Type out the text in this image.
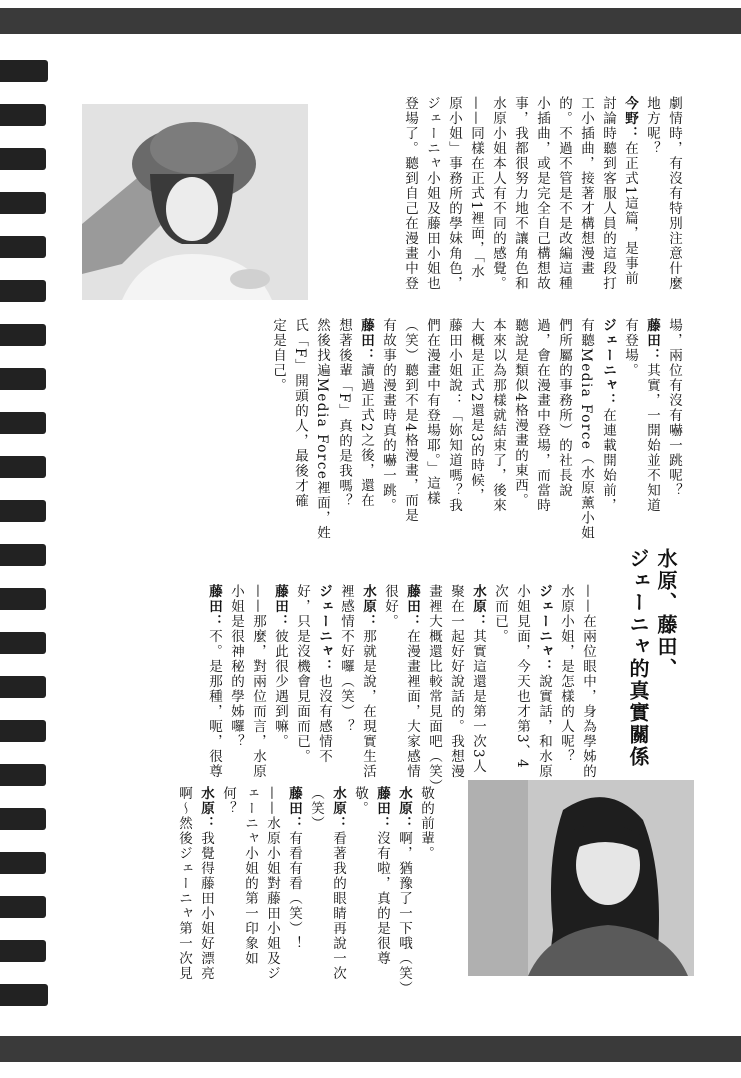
劇情時，有沒有特別注意什麼
地方呢？
今野：在正式1這篇，是事前
討論時聽到客服人員的這段打
工小插曲，接著才構想漫畫
的。不過不管是不是改編這種
小插曲，或是完全自己構想故
事，我都很努力地不讓角色和
水原小姐本人有不同的感覺。
——同樣在正式1裡面，「水
原小姐」事務所的學妹角色，
ジェーニャ小姐及藤田小姐也
登場了。聽到自己在漫畫中登
場，兩位有沒有嚇一跳呢？
藤田：其實，一開始並不知道
有登場。
ジェーニャ：在連載開始前，
有聽Media Force（水原薰小姐
們所屬的事務所）的社長說
過，會在漫畫中登場，而當時
聽說是類似4格漫畫的東西。
本來以為那樣就結束了，後來
大概是正式2還是3的時候，
藤田小姐說：「妳知道嗎？我
們在漫畫中有登場耶。」這樣
（笑）聽到不是4格漫畫，而是
有故事的漫畫時真的嚇一跳。
藤田：讀過正式2之後，還在
想著後輩「F」真的是我嗎？
然後找遍Media Force裡面，姓
氏「F」開頭的人，最後才確
定是自己。
水原、藤田、
ジェーニャ的真實關係
——在兩位眼中，身為學姊的
水原小姐，是怎樣的人呢？
ジェーニャ：說實話，和水原
小姐見面，今天也才第3、4
次而已。
水原：其實這還是第一次3人
聚在一起好好說話的。我想漫
畫裡大概還比較常見面吧（笑）
藤田：在漫畫裡面，大家感情
很好。
水原：那就是說，在現實生活
裡感情不好囉（笑）？
ジェーニャ：也沒有感情不
好，只是沒機會見面而已。
藤田：彼此很少遇到嘛。
——那麼，對兩位而言，水原
小姐是很神秘的學姊囉？
藤田：不。是那種，呃，很尊
敬的前輩。
水原：啊，猶豫了一下哦（笑）
藤田：沒有啦，真的是很尊
敬。
水原：看著我的眼睛再說一次
（笑）
藤田：有看有看（笑）！
——水原小姐對藤田小姐及ジ
ェーニャ小姐的第一印象如
何？
水原：我覺得藤田小姐好漂亮
啊～然後ジェーニャ第一次見
